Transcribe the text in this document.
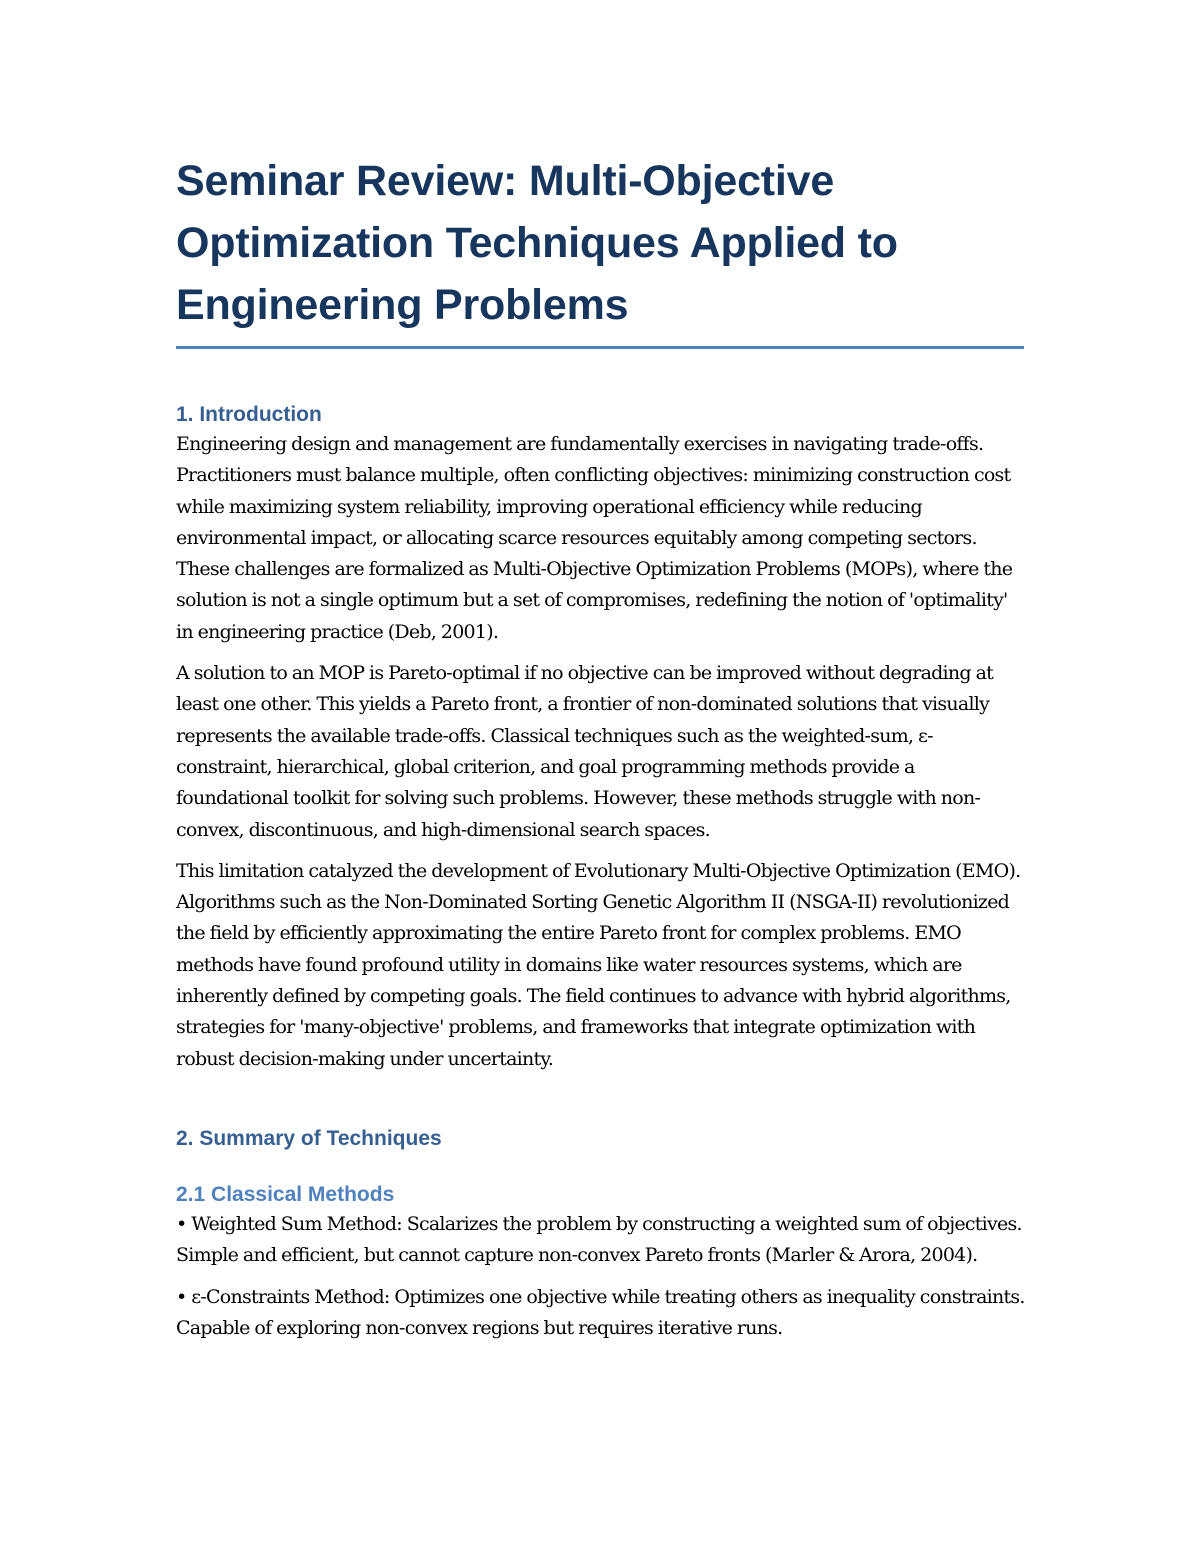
Seminar Review: Multi-Objective Optimization Techniques Applied to Engineering Problems
1. Introduction

Engineering design and management are fundamentally exercises in navigating trade-offs. Practitioners must balance multiple, often conflicting objectives: minimizing construction cost while maximizing system reliability, improving operational efficiency while reducing environmental impact, or allocating scarce resources equitably among competing sectors. These challenges are formalized as Multi-Objective Optimization Problems (MOPs), where the solution is not a single optimum but a set of compromises, redefining the notion of 'optimality' in engineering practice (Deb, 2001).

A solution to an MOP is Pareto-optimal if no objective can be improved without degrading at least one other. This yields a Pareto front, a frontier of non-dominated solutions that visually represents the available trade-offs. Classical techniques such as the weighted-sum, ε-constraint, hierarchical, global criterion, and goal programming methods provide a foundational toolkit for solving such problems. However, these methods struggle with non-convex, discontinuous, and high-dimensional search spaces.

This limitation catalyzed the development of Evolutionary Multi-Objective Optimization (EMO). Algorithms such as the Non-Dominated Sorting Genetic Algorithm II (NSGA-II) revolutionized the field by efficiently approximating the entire Pareto front for complex problems. EMO methods have found profound utility in domains like water resources systems, which are inherently defined by competing goals. The field continues to advance with hybrid algorithms, strategies for 'many-objective' problems, and frameworks that integrate optimization with robust decision-making under uncertainty.

2. Summary of Techniques
2.1 Classical Methods

• Weighted Sum Method: Scalarizes the problem by constructing a weighted sum of objectives. Simple and efficient, but cannot capture non-convex Pareto fronts (Marler & Arora, 2004).

• ε-Constraints Method: Optimizes one objective while treating others as inequality constraints. Capable of exploring non-convex regions but requires iterative runs.
